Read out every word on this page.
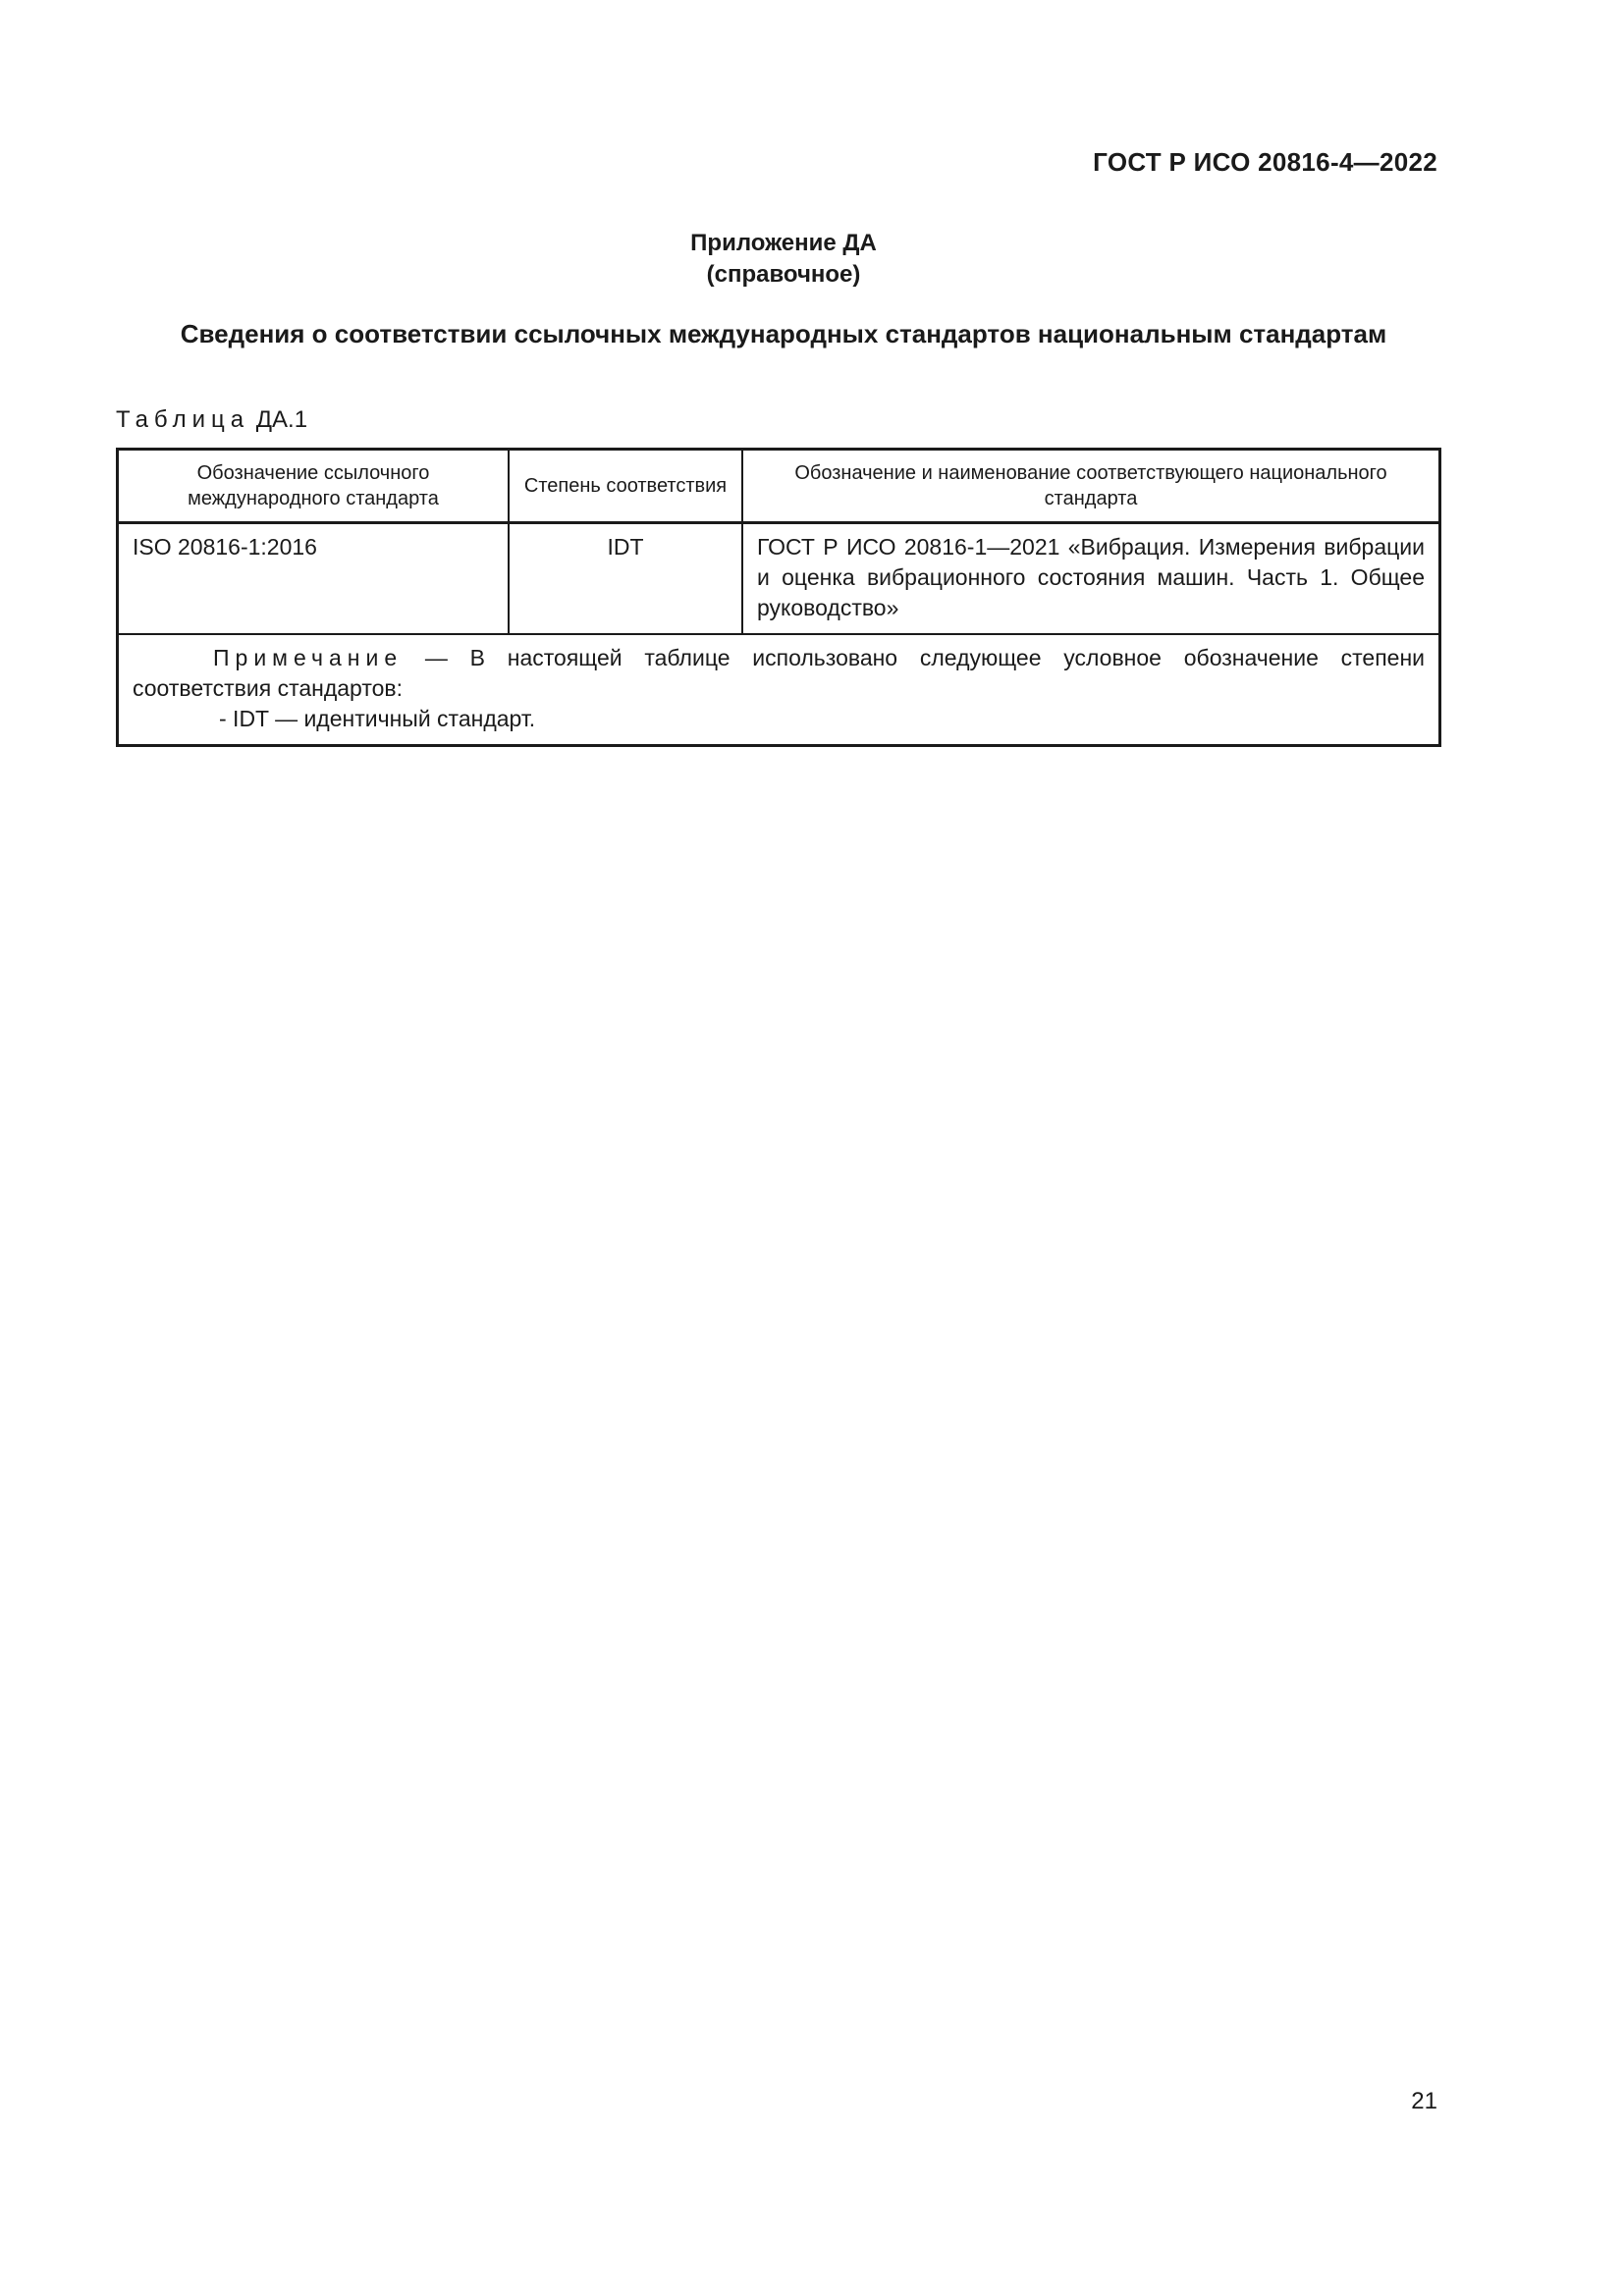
ГОСТ Р ИСО 20816-4—2022
Приложение ДА
(справочное)
Сведения о соответствии ссылочных международных стандартов национальным стандартам
Таблица ДА.1
Обозначение ссылочного международного стандарта	Степень соответствия	Обозначение и наименование соответствующего национального стандарта
ISO 20816-1:2016	IDT	ГОСТ Р ИСО 20816-1—2021 «Вибрация. Измерения вибрации и оценка вибрационного состояния машин. Часть 1. Общее руководство»

Примечание — В настоящей таблице использовано следующее условное обозначение степени соответствия стандартов:
- IDT — идентичный стандарт.		
21
